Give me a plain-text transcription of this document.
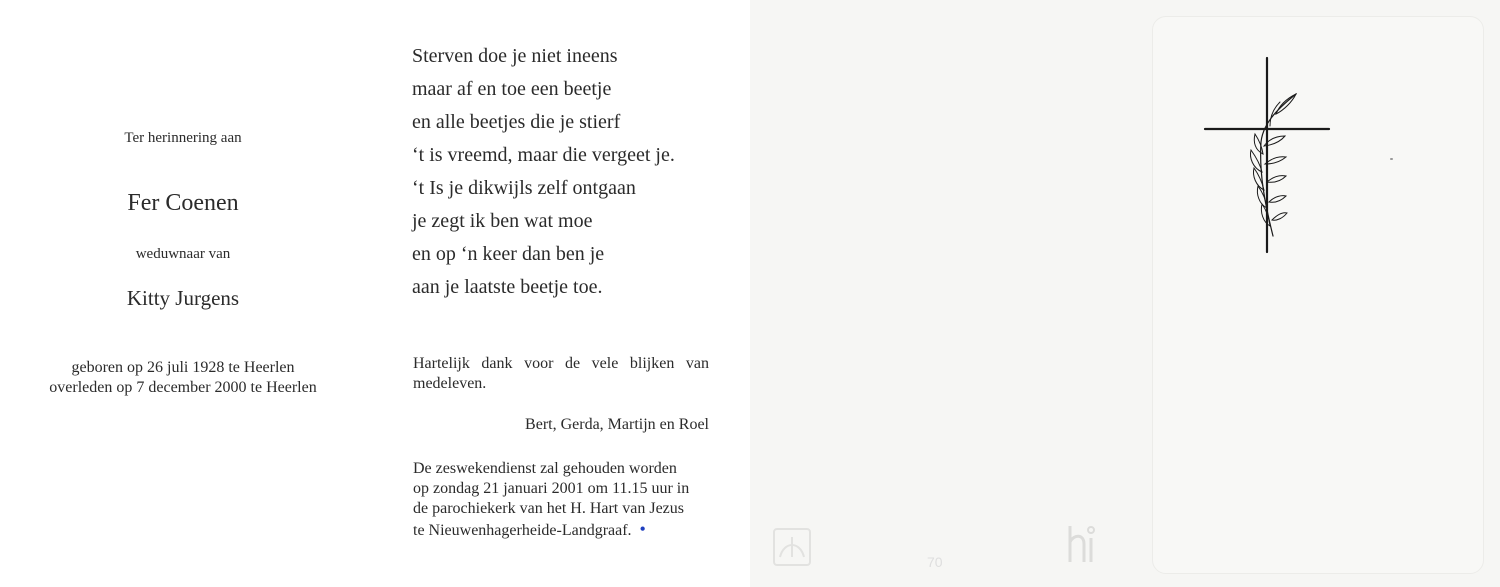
Ter herinnering aan
Fer Coenen
weduwnaar van
Kitty Jurgens
geboren op 26 juli 1928 te Heerlen
overleden op 7 december 2000 te Heerlen
Sterven doe je niet ineens
maar af en toe een beetje
en alle beetjes die je stierf
‘t is vreemd, maar die vergeet je.
‘t Is je dikwijls zelf ontgaan
je zegt ik ben wat moe
en op ‘n keer dan ben je
aan je laatste beetje toe.
Hartelijk dank voor de vele blijken van medeleven.
Bert, Gerda, Martijn en Roel
De zeswekendienst zal gehouden worden
op zondag 21 januari 2001 om 11.15 uur in
de parochiekerk van het H. Hart van Jezus
te Nieuwenhagerheide-Landgraaf. •
70
